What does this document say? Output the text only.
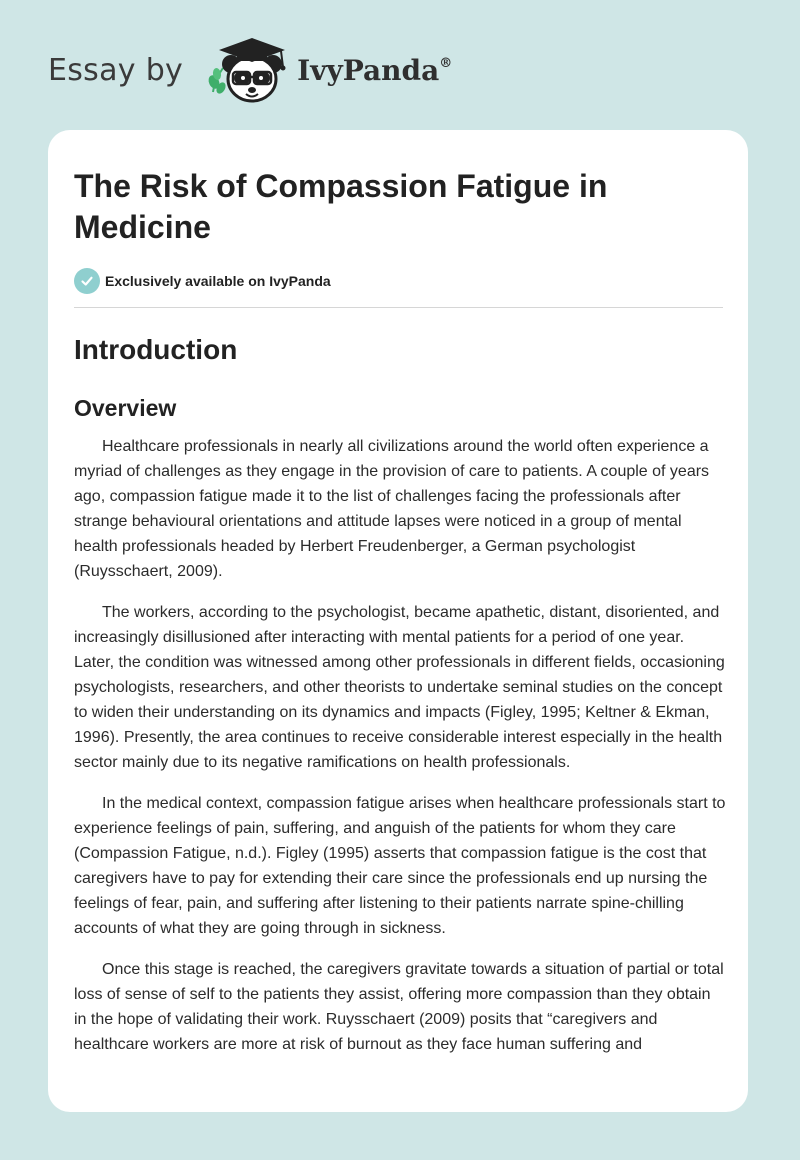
Essay by	IvyPanda®
The Risk of Compassion Fatigue in Medicine
Exclusively available on IvyPanda
Introduction
Overview

Healthcare professionals in nearly all civilizations around the world often experience a myriad of challenges as they engage in the provision of care to patients. A couple of years ago, compassion fatigue made it to the list of challenges facing the professionals after strange behavioural orientations and attitude lapses were noticed in a group of mental health professionals headed by Herbert Freudenberger, a German psychologist (Ruysschaert, 2009).

The workers, according to the psychologist, became apathetic, distant, disoriented, and increasingly disillusioned after interacting with mental patients for a period of one year. Later, the condition was witnessed among other professionals in different fields, occasioning psychologists, researchers, and other theorists to undertake seminal studies on the concept to widen their understanding on its dynamics and impacts (Figley, 1995; Keltner & Ekman, 1996). Presently, the area continues to receive considerable interest especially in the health sector mainly due to its negative ramifications on health professionals.

In the medical context, compassion fatigue arises when healthcare professionals start to experience feelings of pain, suffering, and anguish of the patients for whom they care (Compassion Fatigue, n.d.). Figley (1995) asserts that compassion fatigue is the cost that caregivers have to pay for extending their care since the professionals end up nursing the feelings of fear, pain, and suffering after listening to their patients narrate spine-chilling accounts of what they are going through in sickness.

Once this stage is reached, the caregivers gravitate towards a situation of partial or total loss of sense of self to the patients they assist, offering more compassion than they obtain in the hope of validating their work. Ruysschaert (2009) posits that “caregivers and healthcare workers are more at risk of burnout as they face human suffering and
